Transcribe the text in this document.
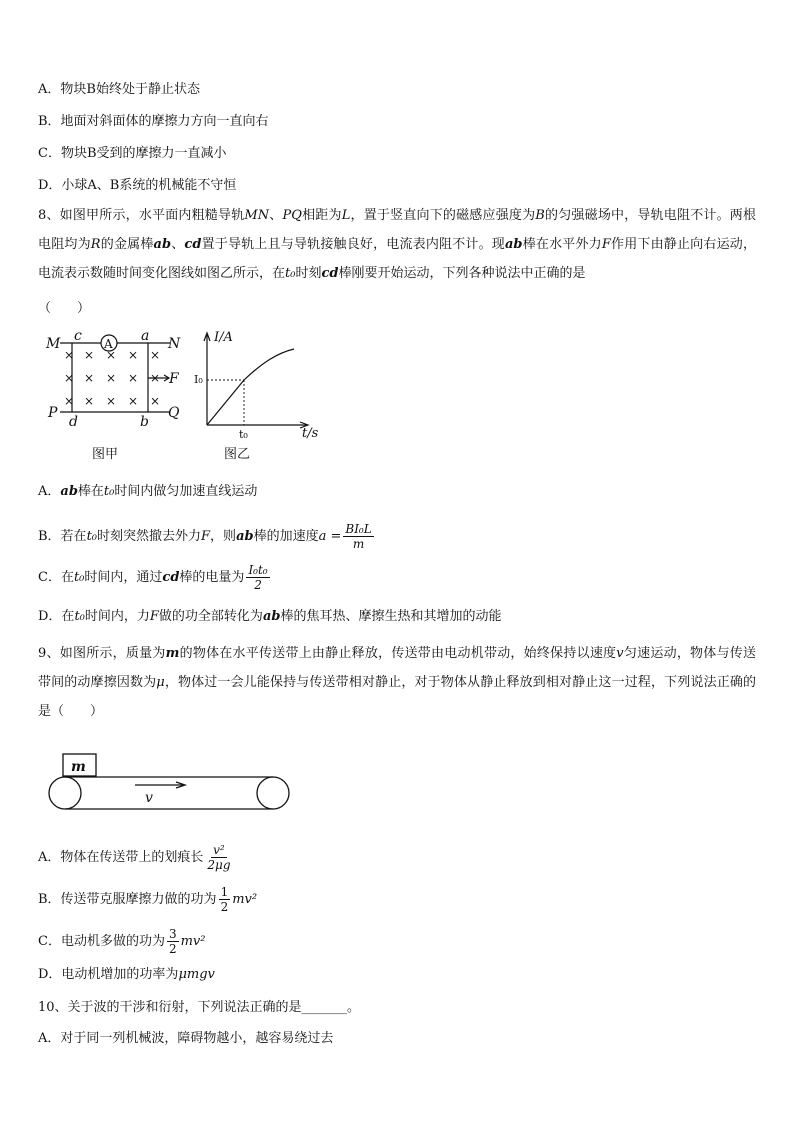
A．物块B始终处于静止状态
B．地面对斜面体的摩擦力方向一直向右
C．物块B受到的摩擦力一直减小
D．小球A、B系统的机械能不守恒
8、如图甲所示，水平面内粗糙导轨MN、PQ相距为L，置于竖直向下的磁感应强度为B的匀强磁场中，导轨电阻不计。两根电阻均为R的金属棒ab、cd置于导轨上且与导轨接触良好，电流表内阻不计。现ab棒在水平外力F作用下由静止向右运动，电流表示数随时间变化图线如图乙所示，在t₀时刻cd棒刚要开始运动，下列各种说法中正确的是
（　　）
× × × × ×
× × × × ×
× × × × ×
M c A a N
F
P
d	b
Q
图甲
I/A
I₀
t₀	t/s
图乙
A．ab棒在t₀时间内做匀加速直线运动
B．若在t₀时刻突然撤去外力F，则ab棒的加速度$a = \frac{\text{BI₀L}}{m}$
C．在t₀时间内，通过cd棒的电量为 $\frac{\text{I₀t₀}}{2}$
D．在t₀时间内，力F做的功全部转化为ab棒的焦耳热、摩擦生热和其增加的动能
9、如图所示，质量为m的物体在水平传送带上由静止释放，传送带由电动机带动，始终保持以速度v匀速运动，物体与传送带间的动摩擦因数为μ，物体过一会儿能保持与传送带相对静止，对于物体从静止释放到相对静止这一过程，下列说法正确的是（　　）
m
v
A．物体在传送带上的划痕长 $\frac{\text{v²}}{2\mu g}$
B．传送带克服摩擦力做的功为 $\frac{1}{2} mv^2$
C．电动机多做的功为 $\frac{3}{2} mv^2$
D．电动机增加的功率为μmgv
10、关于波的干涉和衍射，下列说法正确的是_______。
A．对于同一列机械波，障碍物越小，越容易绕过去
